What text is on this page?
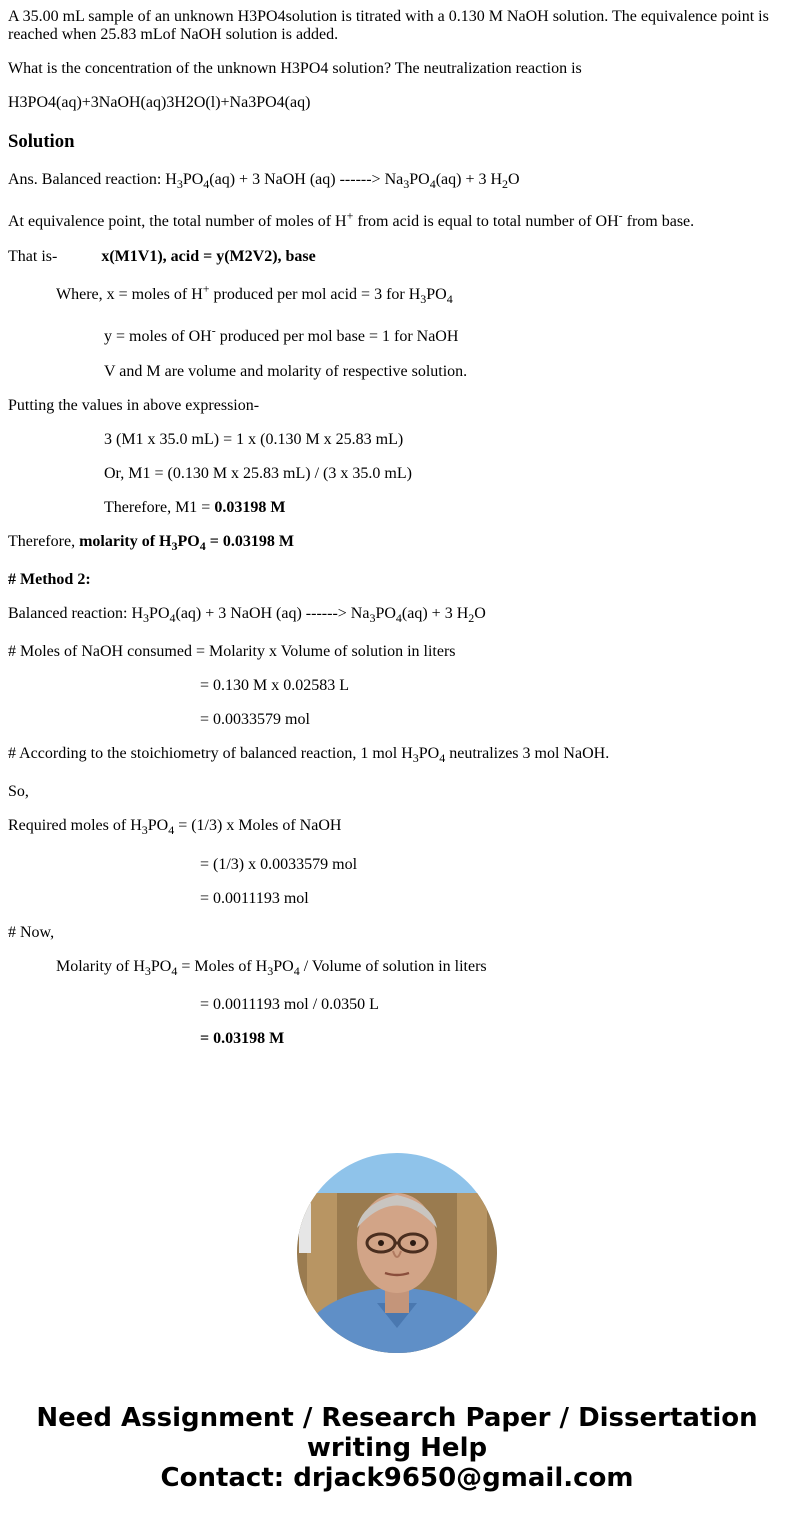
A 35.00 mL sample of an unknown H3PO4solution is titrated with a 0.130 M NaOH solution. The equivalence point is reached when 25.83 mLof NaOH solution is added.
What is the concentration of the unknown H3PO4 solution? The neutralization reaction is
H3PO4(aq)+3NaOH(aq)3H2O(l)+Na3PO4(aq)
Solution
Ans. Balanced reaction: $H_3PO_4(aq) + 3$ NaOH (aq) ------> $Na_3PO_4(aq) + 3$ $H_2O$
At equivalence point, the total number of moles of H+ from acid is equal to total number of OH- from base.
That is-	x(M1V1), acid = y(M2V2), base
Where, x = moles of H+ produced per mol acid = 3 for $H_3PO_4$
y = moles of OH- produced per mol base = 1 for NaOH
V and M are volume and molarity of respective solution.
Putting the values in above expression-
3 (M1 x 35.0 mL) = 1 x (0.130 M x 25.83 mL)
Or, M1 = (0.130 M x 25.83 mL) / (3 x 35.0 mL)
Therefore, M1 = 0.03198 M
Therefore, molarity of $H_3PO_4 = 0.03198$ M
# Method 2:
Balanced reaction: $H_3PO_4(aq) + 3$ NaOH (aq) ------> $Na_3PO_4(aq) + 3$ $H_2O$
# Moles of NaOH consumed = Molarity x Volume of solution in liters
= 0.130 M x 0.02583 L
= 0.0033579 mol
# According to the stoichiometry of balanced reaction, 1 mol $H_3PO_4$ neutralizes 3 mol NaOH.
So,
Required moles of $H_3PO_4 = (1/3)$ x Moles of NaOH
= (1/3) x 0.0033579 mol
= 0.0011193 mol
# Now,
Molarity of $H_3PO_4$ = Moles of $H_3PO_4$ / Volume of solution in liters
= 0.0011193 mol / 0.0350 L
= 0.03198 M
Need Assignment / Research Paper / Dissertation
writing Help
Contact: drjack9650@gmail.com
